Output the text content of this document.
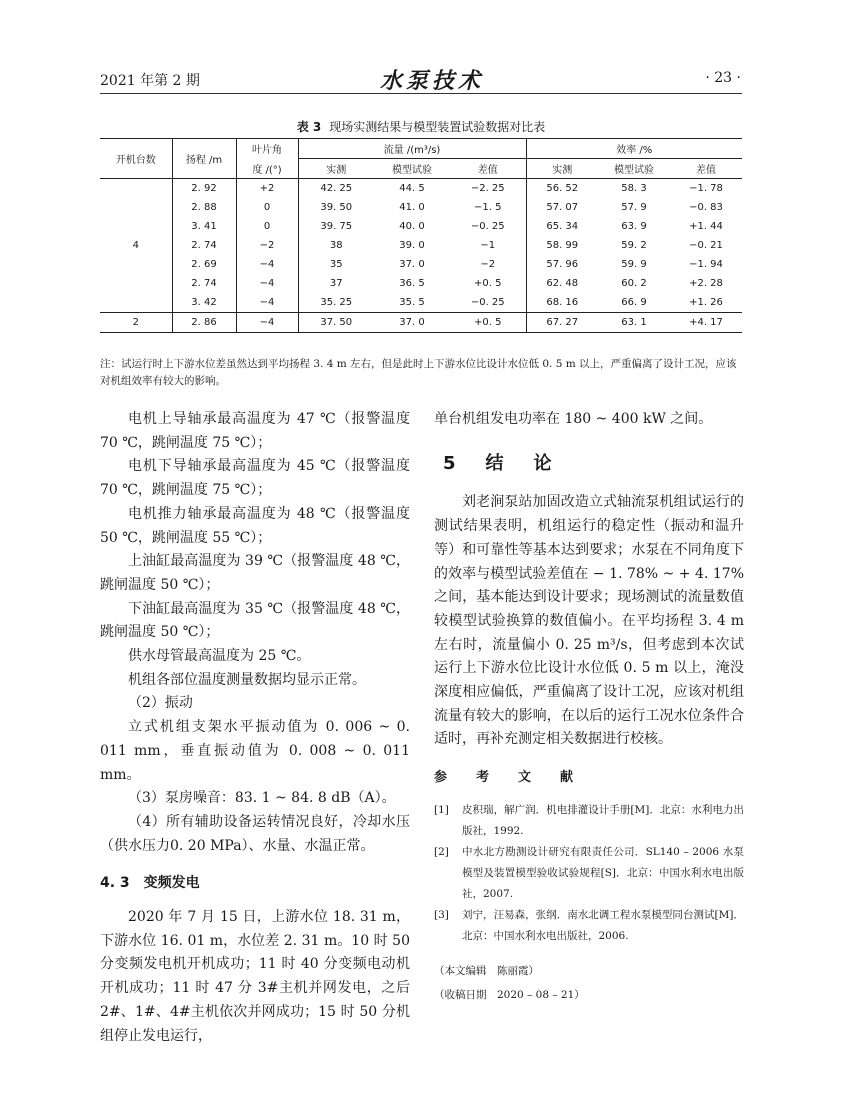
2021 年第 2 期	水泵技术	· 23 ·
表 3 现场实测结果与模型装置试验数据对比表
开机台数	扬程 /m	叶片角	流量 /(m³/s)			效率 /%		
		度 /(°)	实测	模型试验	差值	实测	模型试验	差值
4	2. 92	+2	42. 25	44. 5	−2. 25	56. 52	58. 3	−1. 78
	2. 88	0	39. 50	41. 0	−1. 5	57. 07	57. 9	−0. 83
	3. 41	0	39. 75	40. 0	−0. 25	65. 34	63. 9	+1. 44
	2. 74	−2	38	39. 0	−1	58. 99	59. 2	−0. 21
	2. 69	−4	35	37. 0	−2	57. 96	59. 9	−1. 94
	2. 74	−4	37	36. 5	+0. 5	62. 48	60. 2	+2. 28
	3. 42	−4	35. 25	35. 5	−0. 25	68. 16	66. 9	+1. 26
2	2. 86	−4	37. 50	37. 0	+0. 5	67. 27	63. 1	+4. 17
注：试运行时上下游水位差虽然达到平均扬程 3. 4 m 左右，但是此时上下游水位比设计水位低 0. 5 m 以上，严重偏离了设计工况，应该对机组效率有较大的影响。

电机上导轴承最高温度为 47 ℃（报警温度 70 ℃，跳闸温度 75 ℃）；

电机下导轴承最高温度为 45 ℃（报警温度 70 ℃，跳闸温度 75 ℃）；

电机推力轴承最高温度为 48 ℃（报警温度 50 ℃，跳闸温度 55 ℃）；

上油缸最高温度为 39 ℃（报警温度 48 ℃，跳闸温度 50 ℃）；

下油缸最高温度为 35 ℃（报警温度 48 ℃，跳闸温度 50 ℃）；

供水母管最高温度为 25 ℃。

机组各部位温度测量数据均显示正常。

（2）振动

立式机组支架水平振动值为 0. 006 ~ 0. 011 mm，垂直振动值为 0. 008 ~ 0. 011 mm。

（3）泵房噪音：83. 1 ~ 84. 8 dB（A）。

（4）所有辅助设备运转情况良好，冷却水压（供水压力0. 20 MPa）、水量、水温正常。

4. 3　变频发电

2020 年 7 月 15 日，上游水位 18. 31 m，下游水位 16. 01 m，水位差 2. 31 m。10 时 50 分变频发电机开机成功；11 时 40 分变频电动机开机成功；11 时 47 分 3#主机并网发电，之后 2#、1#、4#主机依次并网成功；15 时 50 分机组停止发电运行，

单台机组发电功率在 180 ~ 400 kW 之间。

5　结　论

刘老涧泵站加固改造立式轴流泵机组试运行的测试结果表明，机组运行的稳定性（振动和温升等）和可靠性等基本达到要求；水泵在不同角度下的效率与模型试验差值在 − 1. 78% ~ + 4. 17% 之间，基本能达到设计要求；现场测试的流量数值较模型试验换算的数值偏小。在平均扬程 3. 4 m 左右时，流量偏小 0. 25 m³/s，但考虑到本次试运行上下游水位比设计水位低 0. 5 m 以上，淹没深度相应偏低，严重偏离了设计工况，应该对机组流量有较大的影响，在以后的运行工况水位条件合适时，再补充测定相关数据进行校核。

参　考　文　献

[1] 皮积瑞，解广润．机电排灌设计手册[M]．北京：水利电力出版社，1992.

[2] 中水北方勘测设计研究有限责任公司．SL140 – 2006 水泵模型及装置模型验收试验规程[S]．北京：中国水利水电出版社，2007.

[3] 刘宁，汪易森，张纲．南水北调工程水泵模型同台测试[M]．北京：中国水利水电出版社，2006.

（本文编辑　陈丽霞）

（收稿日期　2020 – 08 – 21）
